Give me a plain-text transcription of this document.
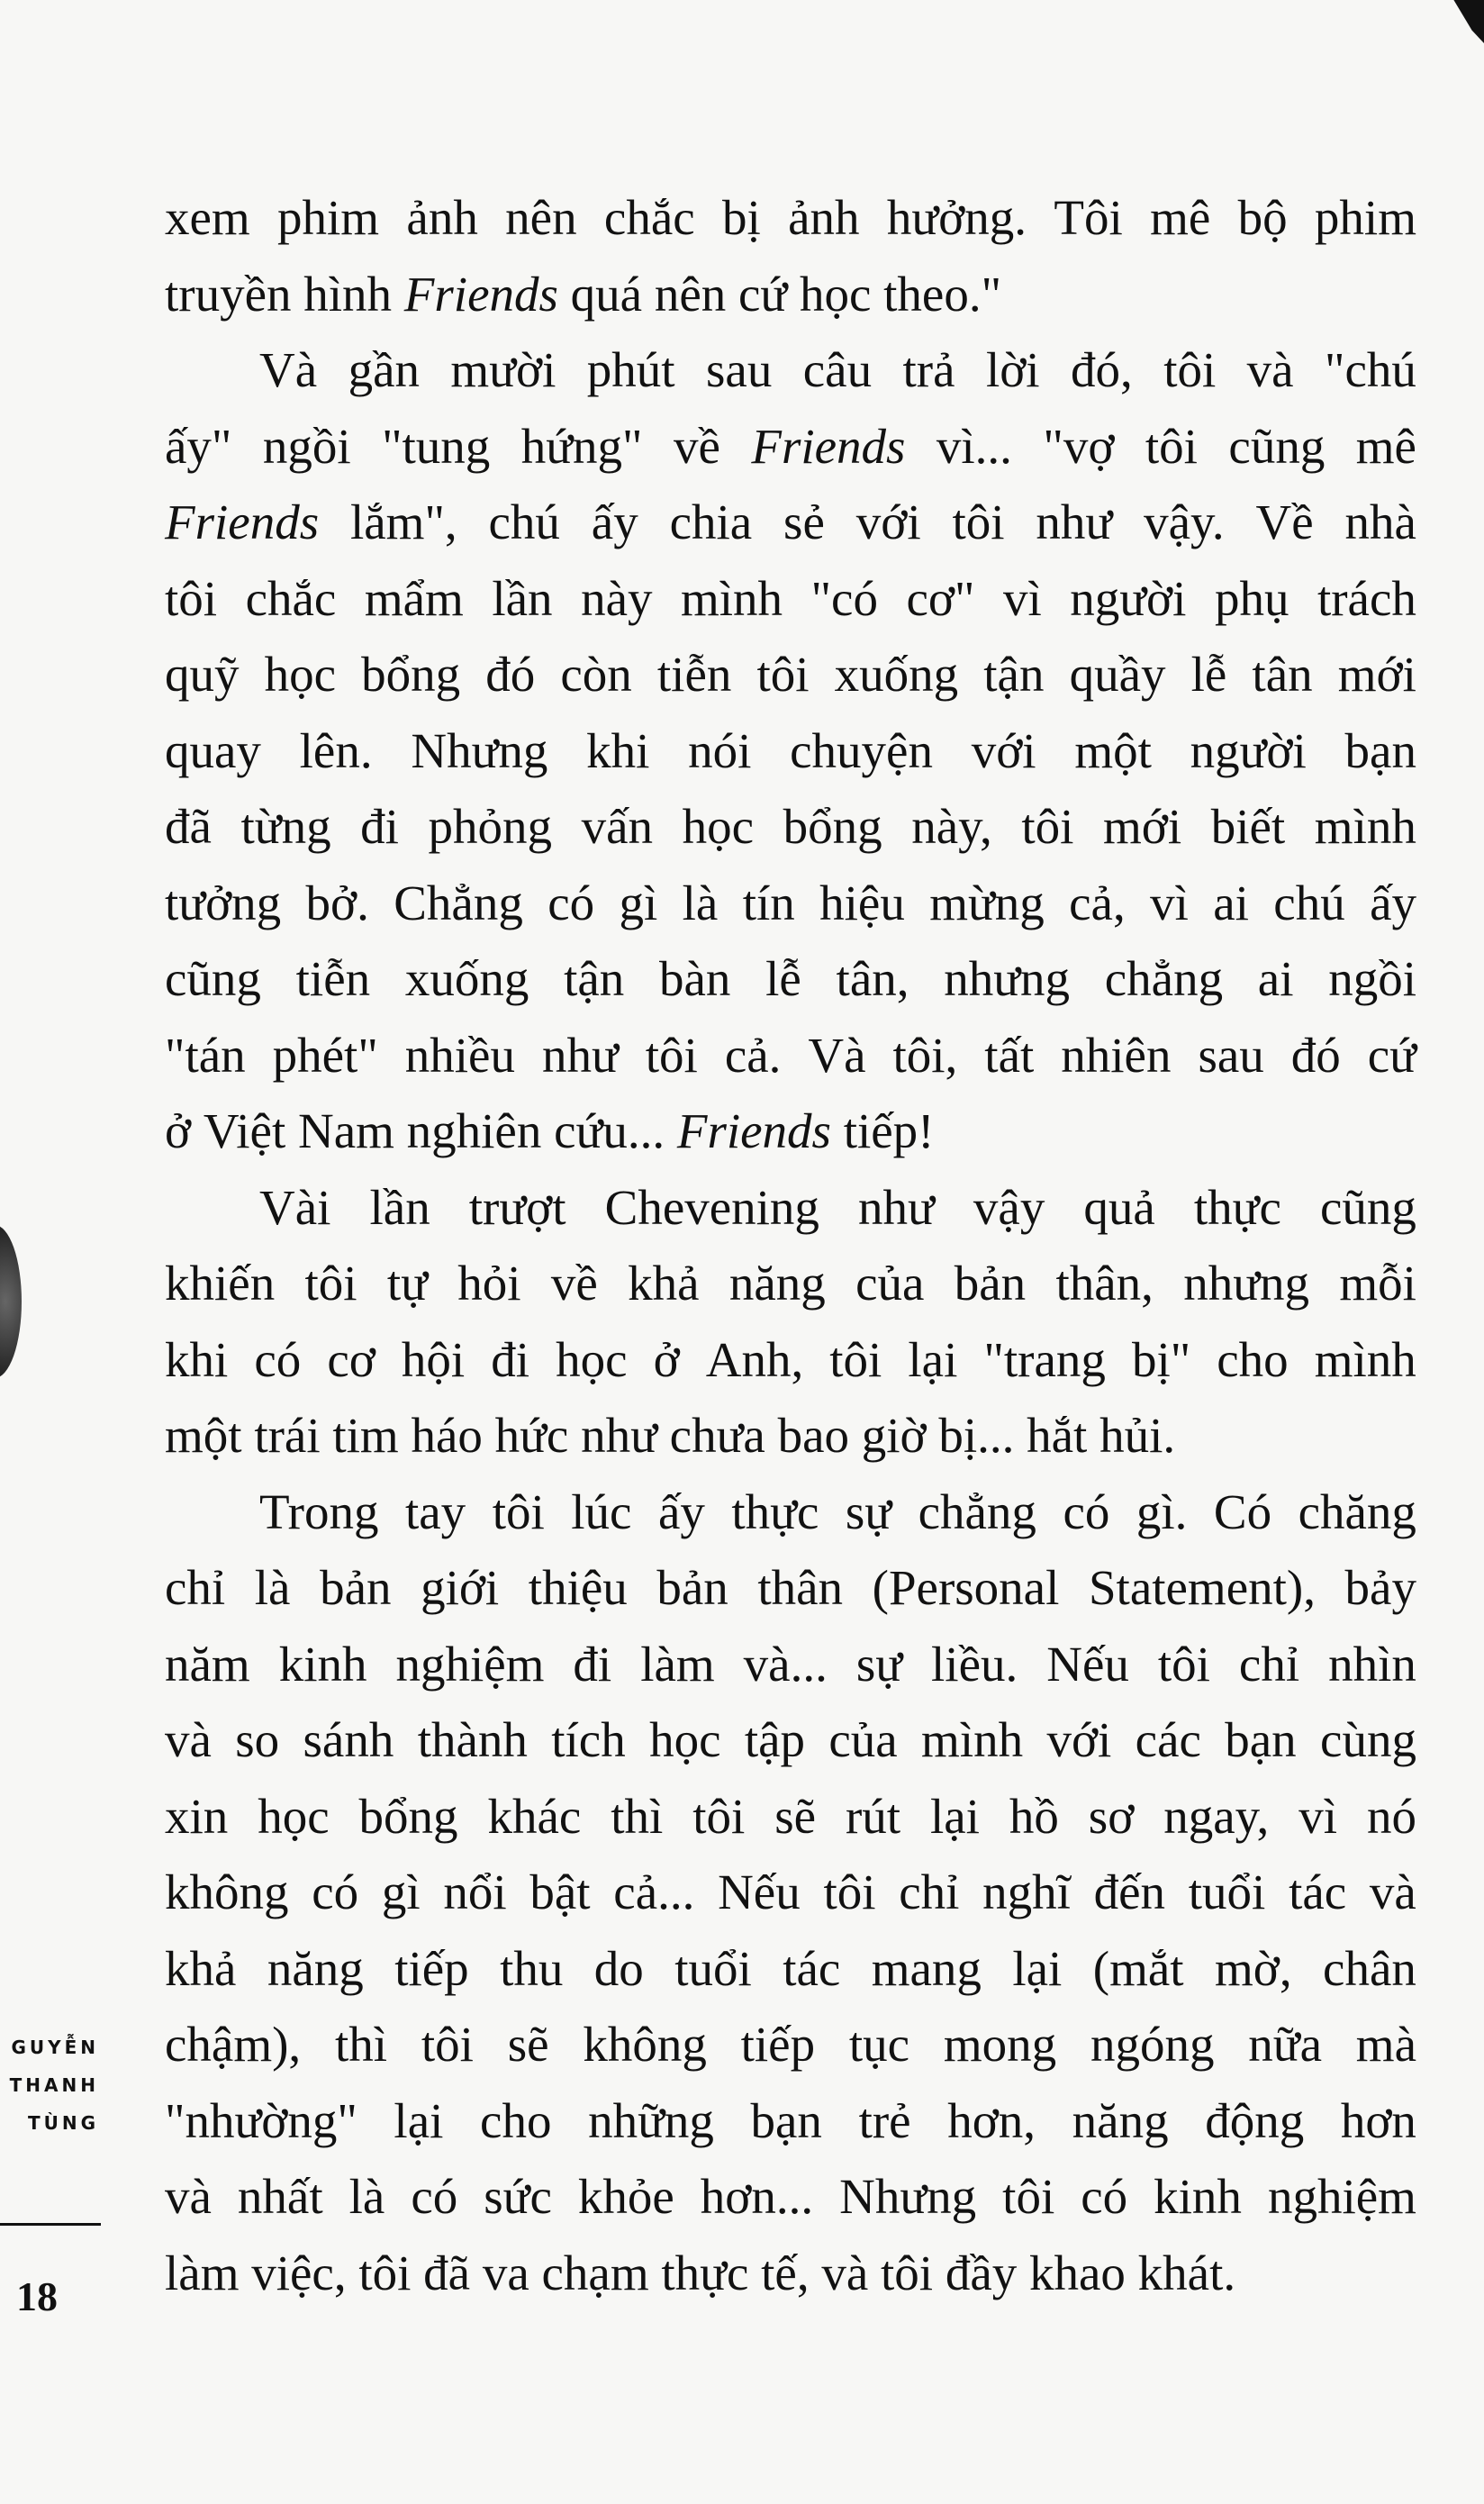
xem phim ảnh nên chắc bị ảnh hưởng. Tôi mê bộ phim
truyền
hình
Friends
quá
nên
cứ
học
theo."
Và gần mười phút sau câu trả lời đó, tôi và "chú
ấy" ngồi "tung hứng" về Friends vì... "vợ tôi cũng mê
Friends lắm", chú ấy chia sẻ với tôi như vậy. Về nhà
tôi chắc mẩm lần này mình "có cơ" vì người phụ trách
quỹ học bổng đó còn tiễn tôi xuống tận quầy lễ tân mới
quay lên. Nhưng khi nói chuyện với một người bạn
đã từng đi phỏng vấn học bổng này, tôi mới biết mình
tưởng bở. Chẳng có gì là tín hiệu mừng cả, vì ai chú ấy
cũng tiễn xuống tận bàn lễ tân, nhưng chẳng ai ngồi
"tán phét" nhiều như tôi cả. Và tôi, tất nhiên sau đó cứ
ở
Việt
Nam
nghiên
cứu...
Friends
tiếp!
Vài lần trượt Chevening như vậy quả thực cũng
khiến tôi tự hỏi về khả năng của bản thân, nhưng mỗi
khi có cơ hội đi học ở Anh, tôi lại "trang bị" cho mình
một
trái
tim
háo
hức
như
chưa
bao
giờ
bị...
hắt
hủi.
Trong tay tôi lúc ấy thực sự chẳng có gì. Có chăng
chỉ là bản giới thiệu bản thân (Personal Statement), bảy
năm kinh nghiệm đi làm và... sự liều. Nếu tôi chỉ nhìn
và so sánh thành tích học tập của mình với các bạn cùng
xin học bổng khác thì tôi sẽ rút lại hồ sơ ngay, vì nó
không có gì nổi bật cả... Nếu tôi chỉ nghĩ đến tuổi tác và
khả năng tiếp thu do tuổi tác mang lại (mắt mờ, chân
chậm), thì tôi sẽ không tiếp tục mong ngóng nữa mà
"nhường" lại cho những bạn trẻ hơn, năng động hơn
và nhất là có sức khỏe hơn... Nhưng tôi có kinh nghiệm
làm
việc,
tôi
đã
va
chạm
thực
tế,
và
tôi
đầy
khao
khát.
GUYỄN
THANH
TÙNG
18
